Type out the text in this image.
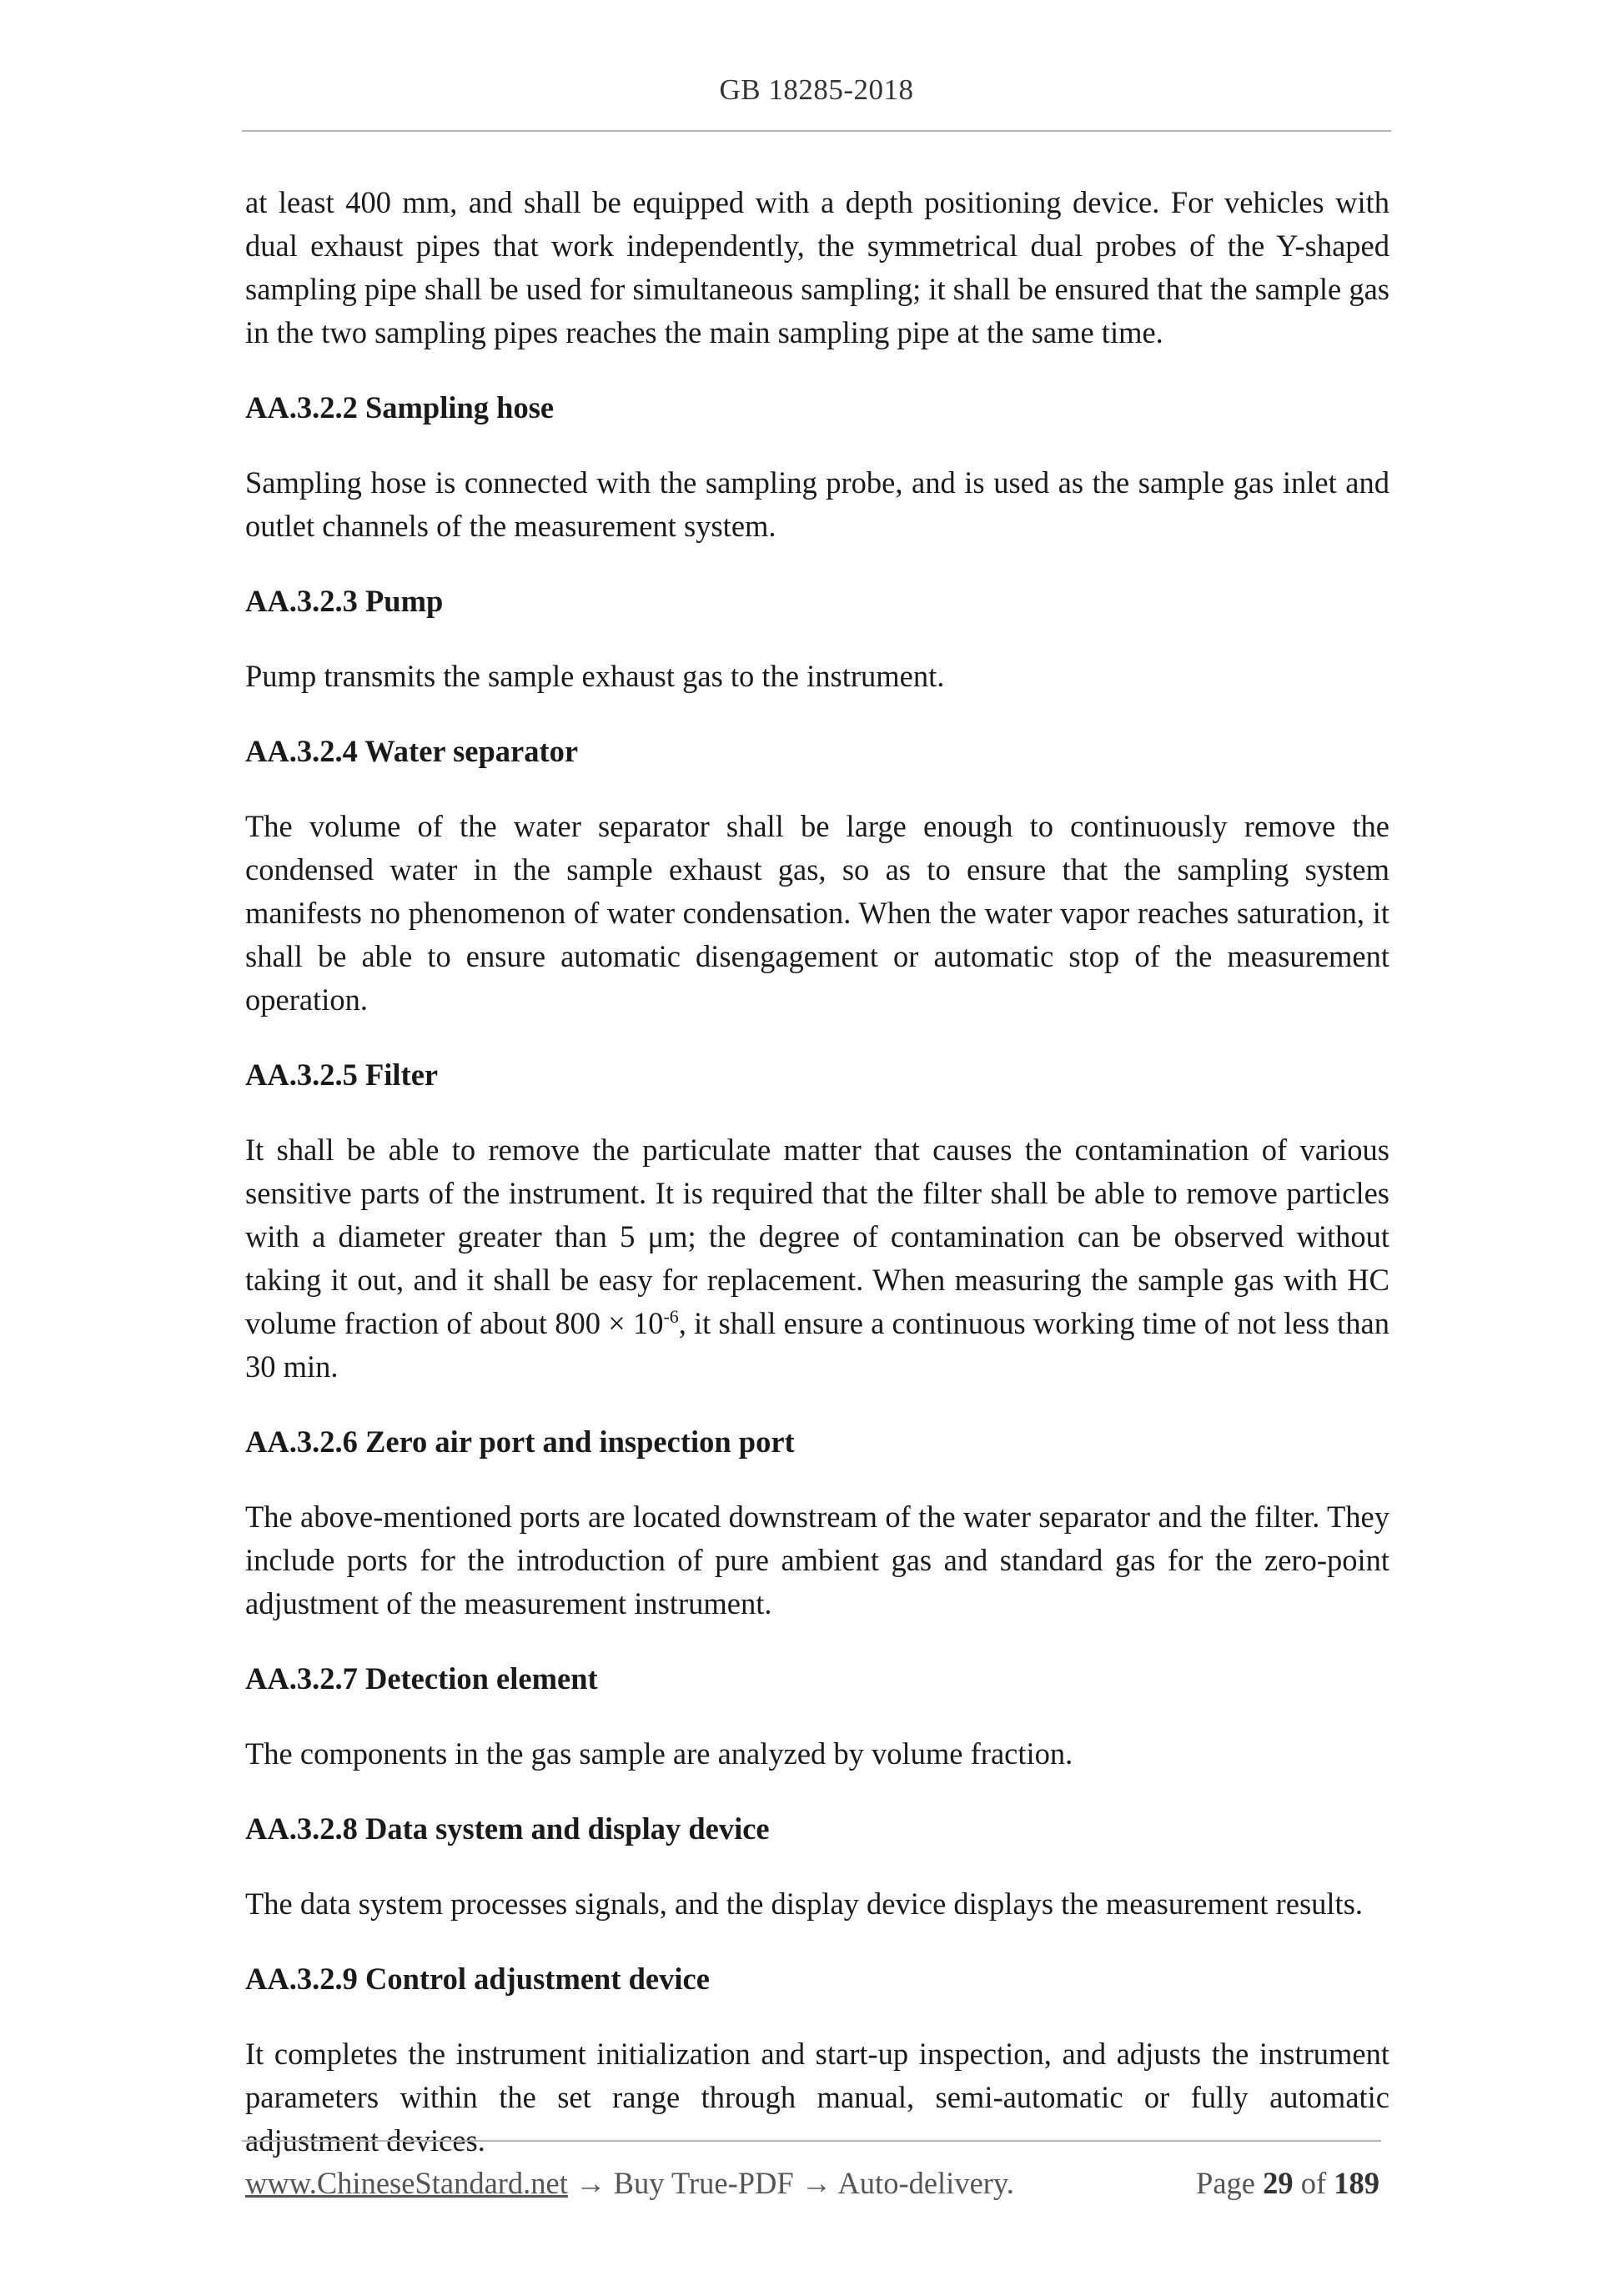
GB 18285-2018

at least 400 mm, and shall be equipped with a depth positioning device. For vehicles with dual exhaust pipes that work independently, the symmetrical dual probes of the Y-shaped sampling pipe shall be used for simultaneous sampling; it shall be ensured that the sample gas in the two sampling pipes reaches the main sampling pipe at the same time.

AA.3.2.2 Sampling hose

Sampling hose is connected with the sampling probe, and is used as the sample gas inlet and outlet channels of the measurement system.

AA.3.2.3 Pump

Pump transmits the sample exhaust gas to the instrument.

AA.3.2.4 Water separator

The volume of the water separator shall be large enough to continuously remove the condensed water in the sample exhaust gas, so as to ensure that the sampling system manifests no phenomenon of water condensation. When the water vapor reaches saturation, it shall be able to ensure automatic disengagement or automatic stop of the measurement operation.

AA.3.2.5 Filter

It shall be able to remove the particulate matter that causes the contamination of various sensitive parts of the instrument. It is required that the filter shall be able to remove particles with a diameter greater than 5 μm; the degree of contamination can be observed without taking it out, and it shall be easy for replacement. When measuring the sample gas with HC volume fraction of about $800 \times 10^{-6}$, it shall ensure a continuous working time of not less than 30 min.

AA.3.2.6 Zero air port and inspection port

The above-mentioned ports are located downstream of the water separator and the filter. They include ports for the introduction of pure ambient gas and standard gas for the zero-point adjustment of the measurement instrument.

AA.3.2.7 Detection element

The components in the gas sample are analyzed by volume fraction.

AA.3.2.8 Data system and display device

The data system processes signals, and the display device displays the measurement results.

AA.3.2.9 Control adjustment device

It completes the instrument initialization and start-up inspection, and adjusts the instrument parameters within the set range through manual, semi-automatic or fully automatic adjustment devices.

www.ChineseStandard.net → Buy True-PDF → Auto-delivery.	Page 29 of 189
